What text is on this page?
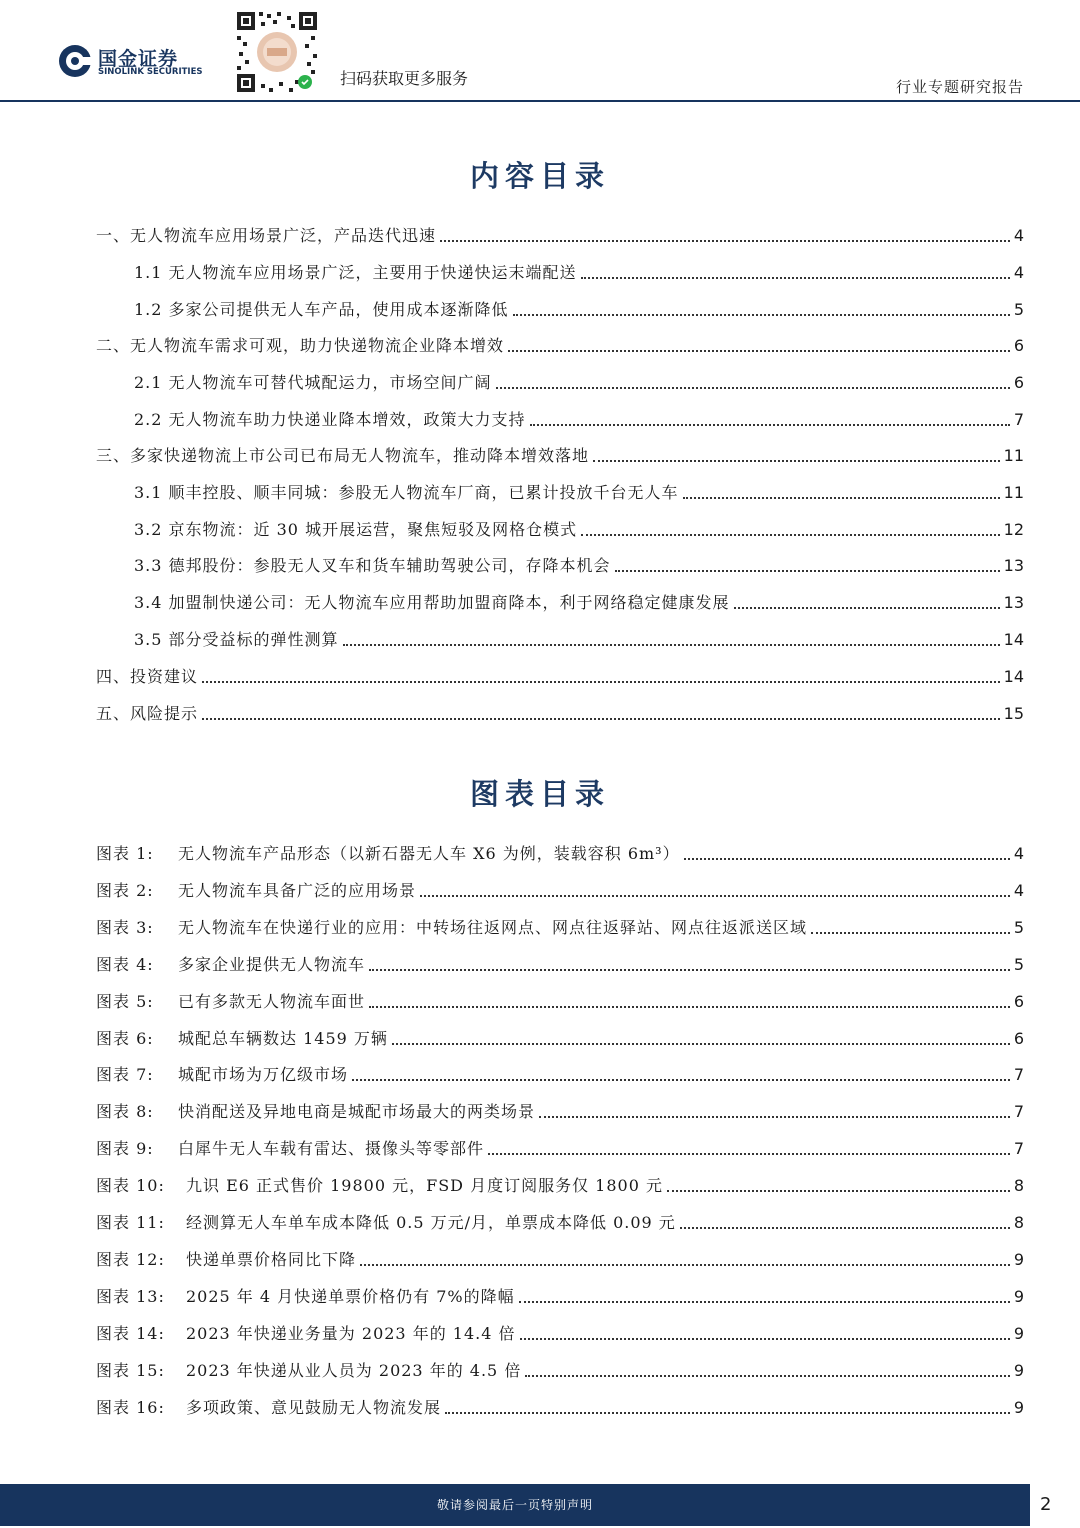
国金证券
SINOLINK SECURITIES	扫码获取更多服务	行业专题研究报告
内容目录
一、无人物流车应用场景广泛，产品迭代迅速	4
1.1 无人物流车应用场景广泛，主要用于快递快运末端配送	4
1.2 多家公司提供无人车产品，使用成本逐渐降低	5
二、无人物流车需求可观，助力快递物流企业降本增效	6
2.1 无人物流车可替代城配运力，市场空间广阔	6
2.2 无人物流车助力快递业降本增效，政策大力支持	7
三、多家快递物流上市公司已布局无人物流车，推动降本增效落地	11
3.1 顺丰控股、顺丰同城：参股无人物流车厂商，已累计投放千台无人车	11
3.2 京东物流：近 30 城开展运营，聚焦短驳及网格仓模式	12
3.3 德邦股份：参股无人叉车和货车辅助驾驶公司，存降本机会	13
3.4 加盟制快递公司：无人物流车应用帮助加盟商降本，利于网络稳定健康发展	13
3.5 部分受益标的弹性测算	14
四、投资建议	14
五、风险提示	15
图表目录
图表 1: 无人物流车产品形态（以新石器无人车 X6 为例，装载容积 6m³）	4
图表 2: 无人物流车具备广泛的应用场景	4
图表 3: 无人物流车在快递行业的应用：中转场往返网点、网点往返驿站、网点往返派送区域	5
图表 4: 多家企业提供无人物流车	5
图表 5: 已有多款无人物流车面世	6
图表 6: 城配总车辆数达 1459 万辆	6
图表 7: 城配市场为万亿级市场	7
图表 8: 快消配送及异地电商是城配市场最大的两类场景	7
图表 9: 白犀牛无人车载有雷达、摄像头等零部件	7
图表 10: 九识 E6 正式售价 19800 元，FSD 月度订阅服务仅 1800 元	8
图表 11: 经测算无人车单车成本降低 0.5 万元/月，单票成本降低 0.09 元	8
图表 12: 快递单票价格同比下降	9
图表 13: 2025 年 4 月快递单票价格仍有 7%的降幅	9
图表 14: 2023 年快递业务量为 2023 年的 14.4 倍	9
图表 15: 2023 年快递从业人员为 2023 年的 4.5 倍	9
图表 16: 多项政策、意见鼓励无人物流发展	9
敬请参阅最后一页特别声明	2
